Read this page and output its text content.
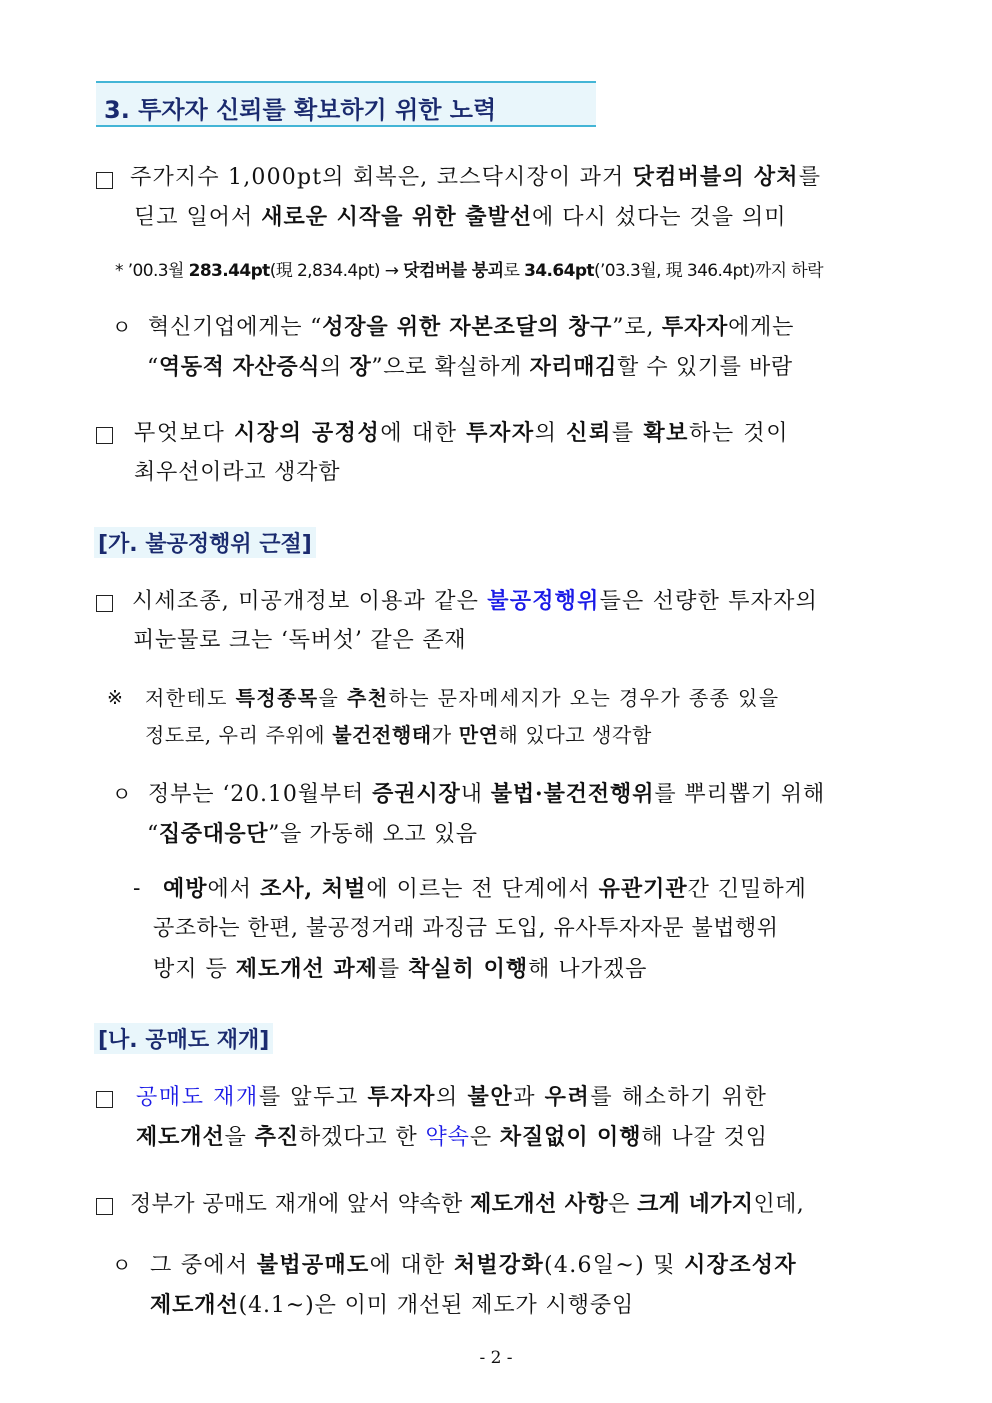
3. 투자자 신뢰를 확보하기 위한 노력
주가지수 1,000pt의 회복은, 코스닥시장이 과거 닷컴버블의 상처를
딛고 일어서 새로운 시작을 위한 출발선에 다시 섰다는 것을 의미
* ’00.3월 283.44pt(現 2,834.4pt) → 닷컴버블 붕괴로 34.64pt(’03.3월, 現 346.4pt)까지 하락
ㅇ 혁신기업에게는 “성장을 위한 자본조달의 창구”로, 투자자에게는
“역동적 자산증식의 장”으로 확실하게 자리매김할 수 있기를 바람
무엇보다 시장의 공정성에 대한 투자자의 신뢰를 확보하는 것이
최우선이라고 생각함
[가. 불공정행위 근절]
시세조종, 미공개정보 이용과 같은 불공정행위들은 선량한 투자자의
피눈물로 크는 ‘독버섯’ 같은 존재
※ 저한테도 특정종목을 추천하는 문자메세지가 오는 경우가 종종 있을
정도로, 우리 주위에 불건전행태가 만연해 있다고 생각함
ㅇ 정부는 ‘20.10월부터 증권시장내 불법·불건전행위를 뿌리뽑기 위해
“집중대응단”을 가동해 오고 있음
- 예방에서 조사, 처벌에 이르는 전 단계에서 유관기관간 긴밀하게
공조하는 한편, 불공정거래 과징금 도입, 유사투자자문 불법행위
방지 등 제도개선 과제를 착실히 이행해 나가겠음
[나. 공매도 재개]
공매도 재개를 앞두고 투자자의 불안과 우려를 해소하기 위한
제도개선을 추진하겠다고 한 약속은 차질없이 이행해 나갈 것임
정부가 공매도 재개에 앞서 약속한 제도개선 사항은 크게 네가지인데,
ㅇ 그 중에서 불법공매도에 대한 처벌강화(4.6일~) 및 시장조성자
제도개선(4.1~)은 이미 개선된 제도가 시행중임
- 2 -
